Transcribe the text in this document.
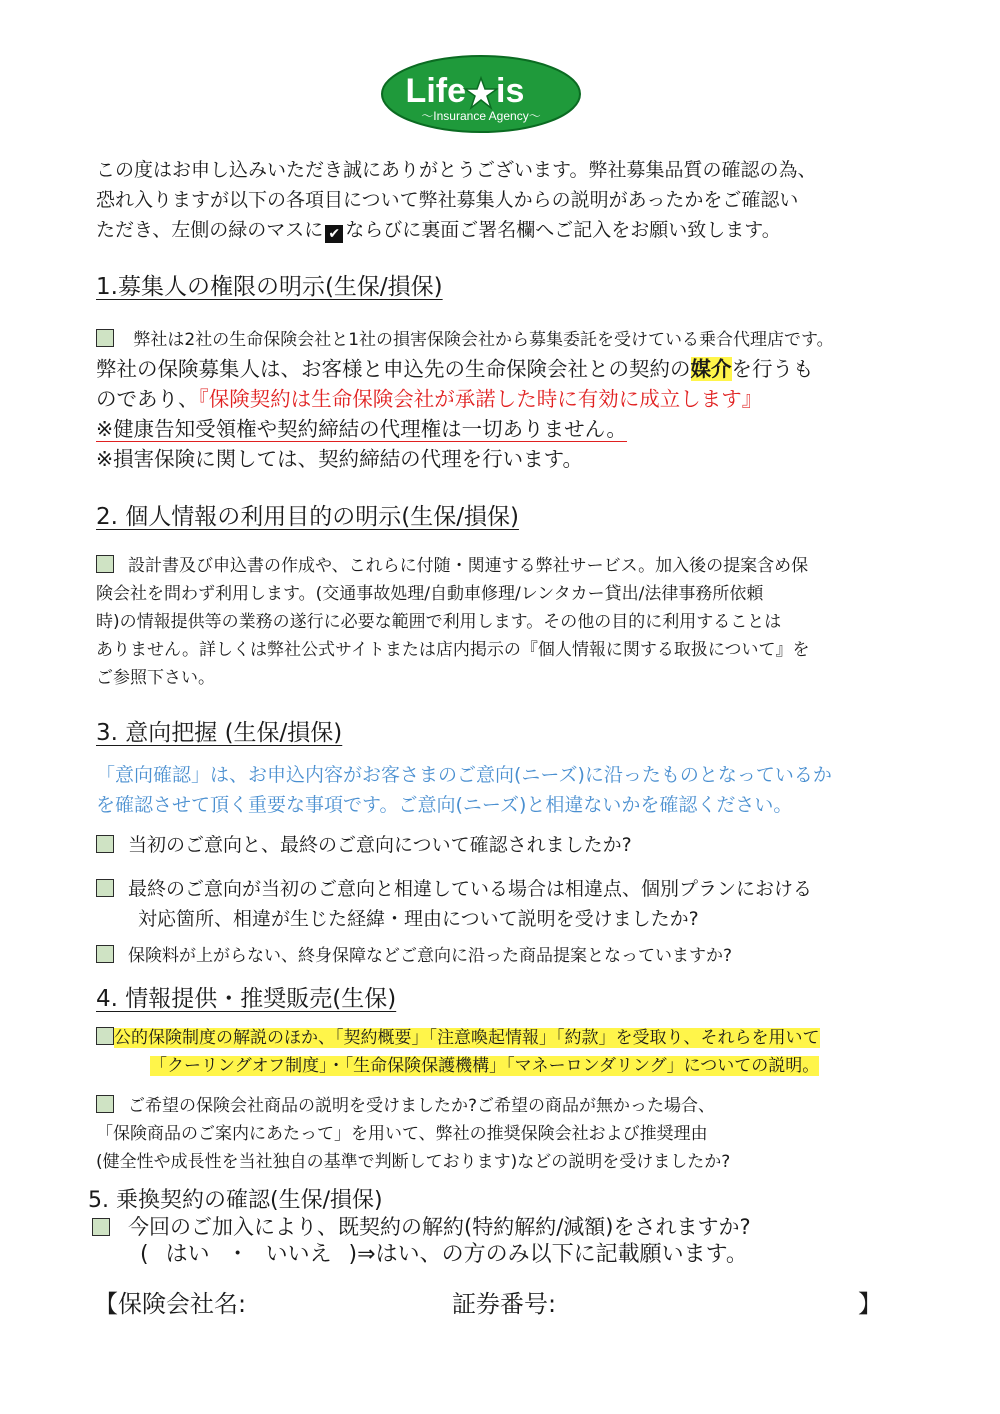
Life is
〜Insurance Agency〜
この度はお申し込みいただき誠にありがとうございます。弊社募集品質の確認の為、
恐れ入りますが以下の各項目について弊社募集人からの説明があったかをご確認い
ただき、左側の緑のマスに ✔ ならびに裏面ご署名欄へご記入をお願い致します。
1.募集人の権限の明示(生保/損保)
弊社は2社の生命保険会社と1社の損害保険会社から募集委託を受けている乗合代理店です。
弊社の保険募集人は、お客様と申込先の生命保険会社との契約の媒介を行うも
のであり、『保険契約は生命保険会社が承諾した時に有効に成立します』
※健康告知受領権や契約締結の代理権は一切ありません。
※損害保険に関しては、契約締結の代理を行います。
2. 個人情報の利用目的の明示(生保/損保)
設計書及び申込書の作成や、これらに付随・関連する弊社サービス。加入後の提案含め保
険会社を問わず利用します。(交通事故処理/自動車修理/レンタカー貸出/法律事務所依頼
時)の情報提供等の業務の遂行に必要な範囲で利用します。その他の目的に利用することは
ありません。詳しくは弊社公式サイトまたは店内掲示の『個人情報に関する取扱について』を
ご参照下さい。
3. 意向把握 (生保/損保)
「意向確認」は、お申込内容がお客さまのご意向(ニーズ)に沿ったものとなっているか
を確認させて頂く重要な事項です。ご意向(ニーズ)と相違ないかを確認ください。
当初のご意向と、最終のご意向について確認されましたか?
最終のご意向が当初のご意向と相違している場合は相違点、個別プランにおける
対応箇所、相違が生じた経緯・理由について説明を受けましたか?
保険料が上がらない、終身保障などご意向に沿った商品提案となっていますか?
4. 情報提供・推奨販売(生保)
公的保険制度の解説のほか、「契約概要」「注意喚起情報」「約款」を受取り、それらを用いて
「クーリングオフ制度」・「生命保険保護機構」「マネーロンダリング」についての説明。
ご希望の保険会社商品の説明を受けましたか?ご希望の商品が無かった場合、
「保険商品のご案内にあたって」を用いて、弊社の推奨保険会社および推奨理由
(健全性や成長性を当社独自の基準で判断しております)などの説明を受けましたか?
5. 乗換契約の確認(生保/損保)
今回のご加入により、既契約の解約(特約解約/減額)をされますか?
( はい ・ いいえ )⇒はい、の方のみ以下に記載願います。
【保険会社名:	証券番号:	】
